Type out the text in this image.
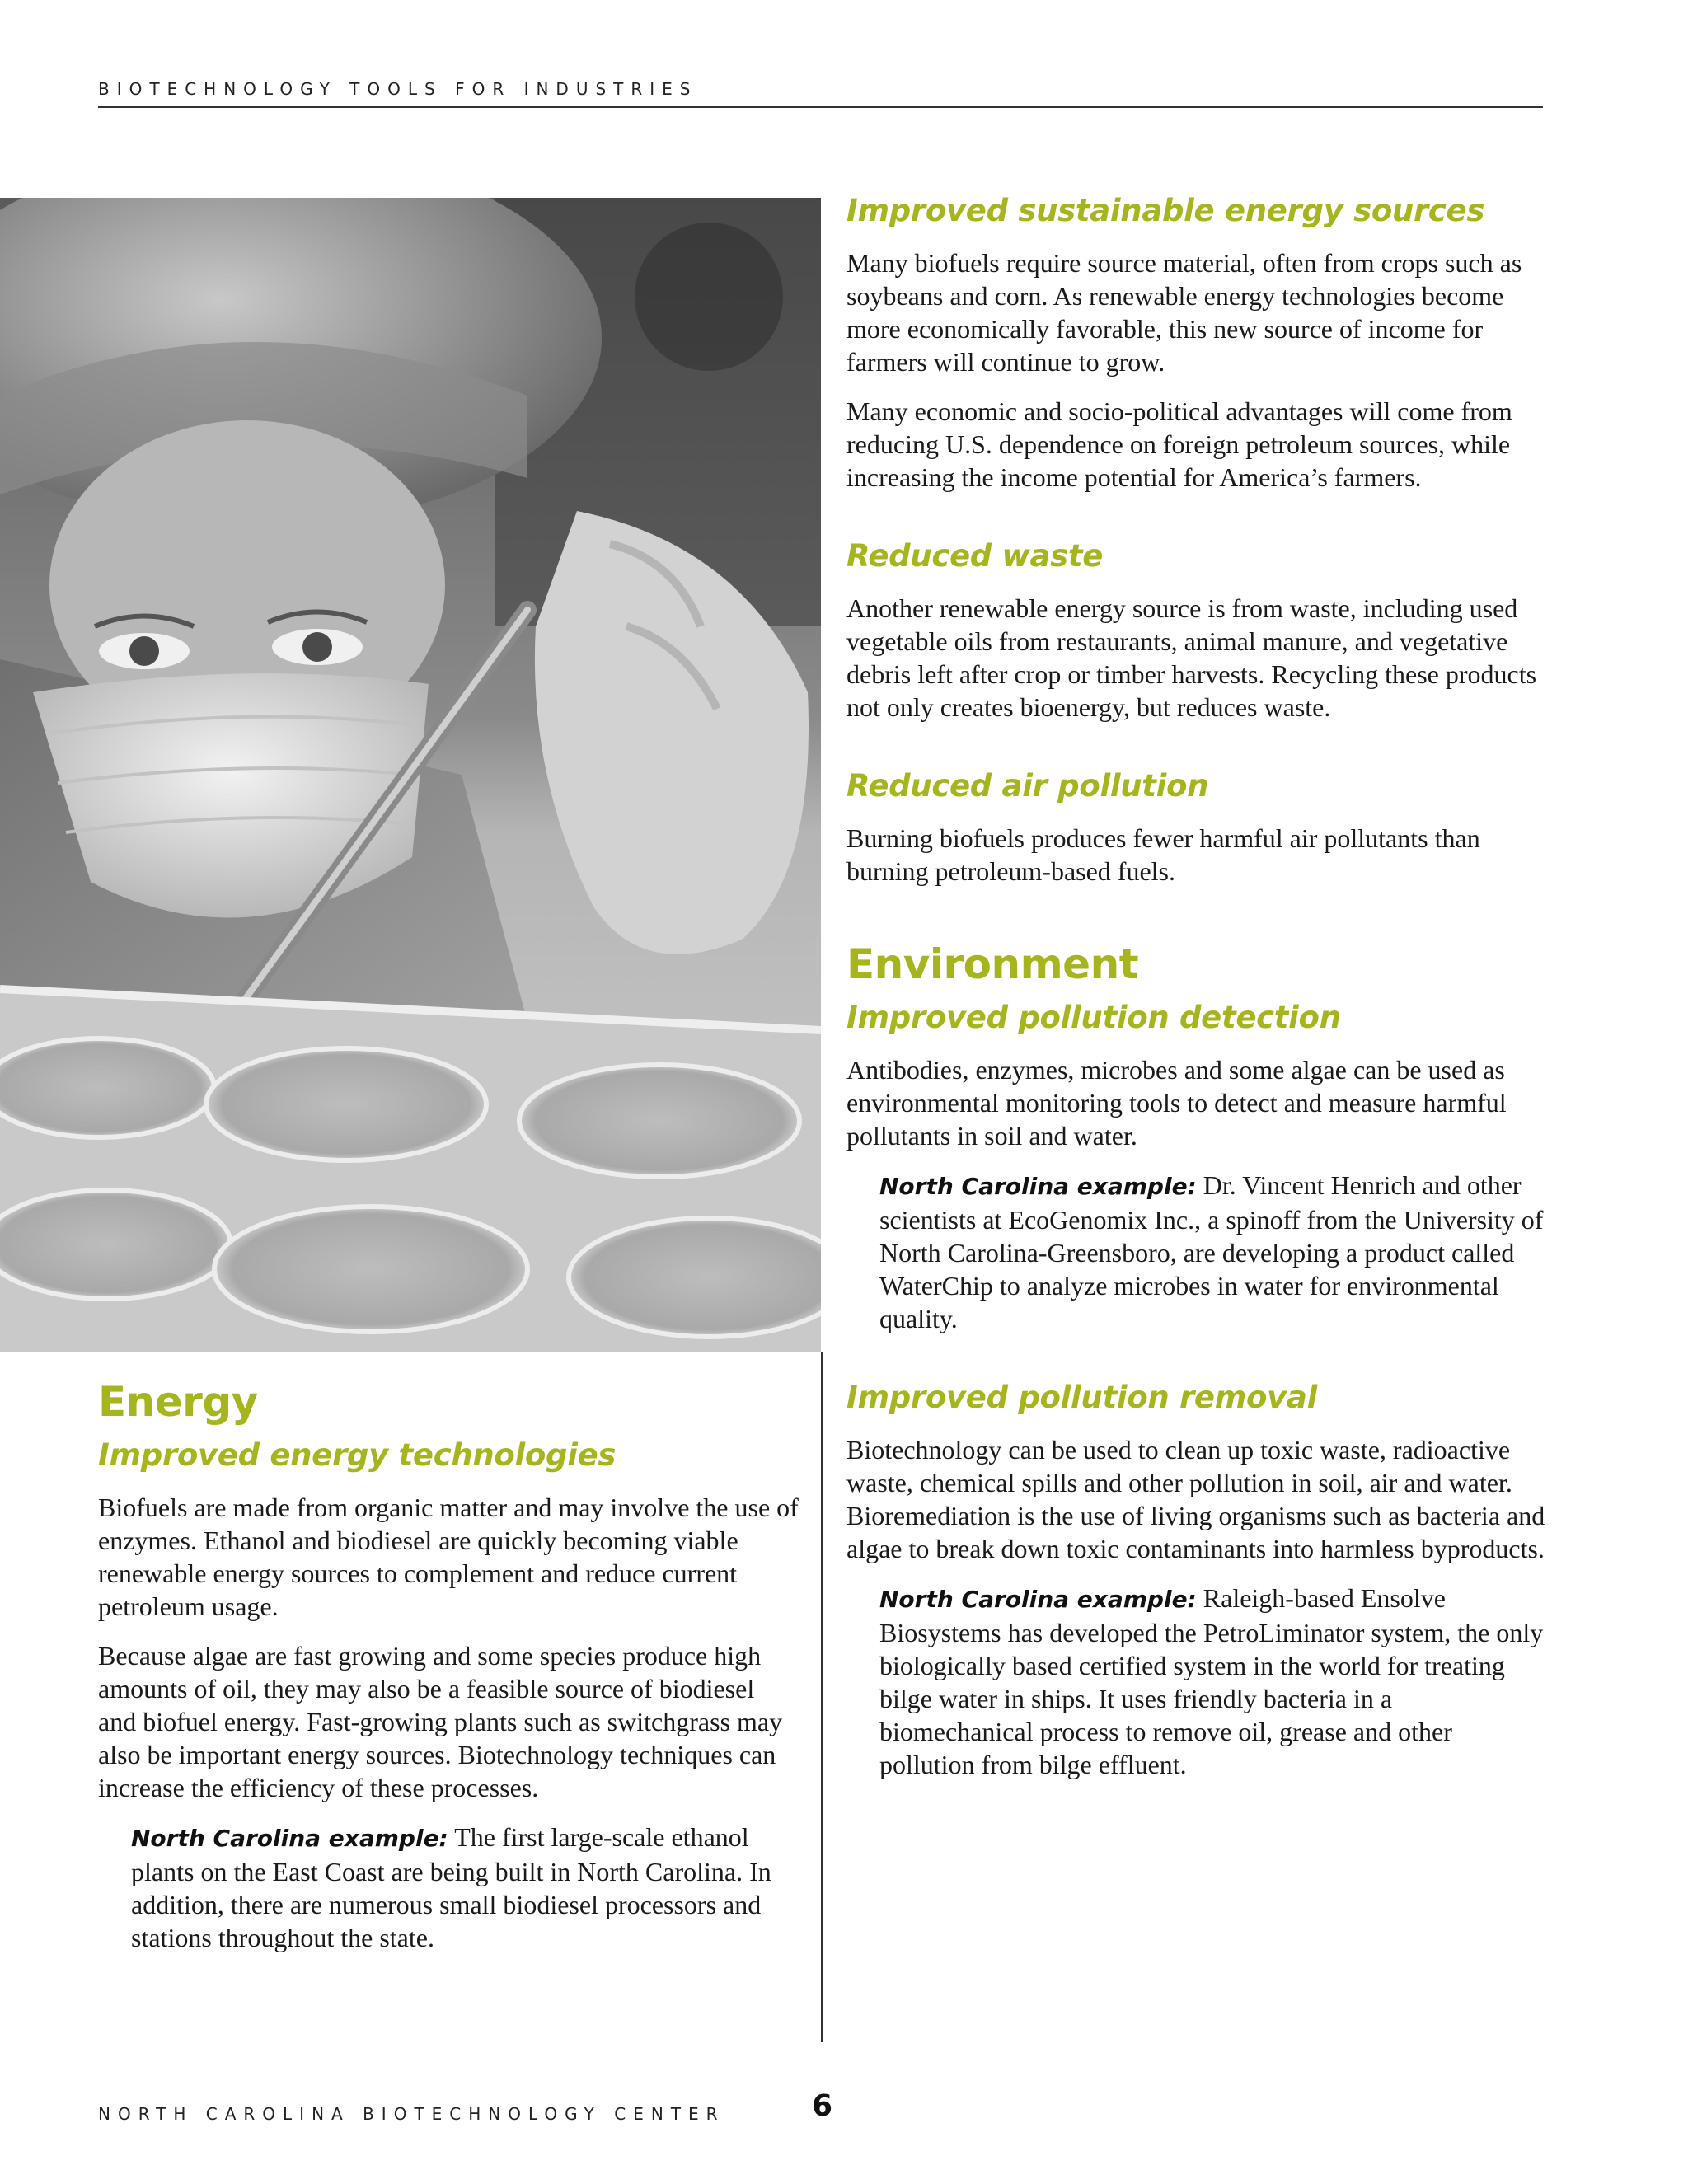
BIOTECHNOLOGY TOOLS FOR INDUSTRIES
Energy
Improved energy technologies

Biofuels are made from organic matter and may involve the use of enzymes. Ethanol and biodiesel are quickly becoming viable renewable energy sources to complement and reduce current petroleum usage.

Because algae are fast growing and some species produce high amounts of oil, they may also be a feasible source of biodiesel and biofuel energy. Fast-growing plants such as switchgrass may also be important energy sources. Biotechnology techniques can increase the efficiency of these processes.

North Carolina example: The first large-scale ethanol plants on the East Coast are being built in North Carolina. In addition, there are numerous small biodiesel processors and stations throughout the state.

Improved sustainable energy sources

Many biofuels require source material, often from crops such as soybeans and corn. As renewable energy technologies become more economically favorable, this new source of income for farmers will continue to grow.

Many economic and socio-political advantages will come from reducing U.S. dependence on foreign petroleum sources, while increasing the income potential for America’s farmers.

Reduced waste

Another renewable energy source is from waste, including used vegetable oils from restaurants, animal manure, and vegetative debris left after crop or timber harvests. Recycling these products not only creates bioenergy, but reduces waste.

Reduced air pollution

Burning biofuels produces fewer harmful air pollutants than burning petroleum-based fuels.

Environment
Improved pollution detection

Antibodies, enzymes, microbes and some algae can be used as environmental monitoring tools to detect and measure harmful pollutants in soil and water.

North Carolina example: Dr. Vincent Henrich and other scientists at EcoGenomix Inc., a spinoff from the University of North Carolina-Greensboro, are developing a product called WaterChip to analyze microbes in water for environmental quality.

Improved pollution removal

Biotechnology can be used to clean up toxic waste, radioactive waste, chemical spills and other pollution in soil, air and water. Bioremediation is the use of living organisms such as bacteria and algae to break down toxic contaminants into harmless byproducts.

North Carolina example: Raleigh-based Ensolve Biosystems has developed the PetroLiminator system, the only biologically based certified system in the world for treating bilge water in ships. It uses friendly bacteria in a biomechanical process to remove oil, grease and other pollution from bilge effluent.

NORTH CAROLINA BIOTECHNOLOGY CENTER	6
